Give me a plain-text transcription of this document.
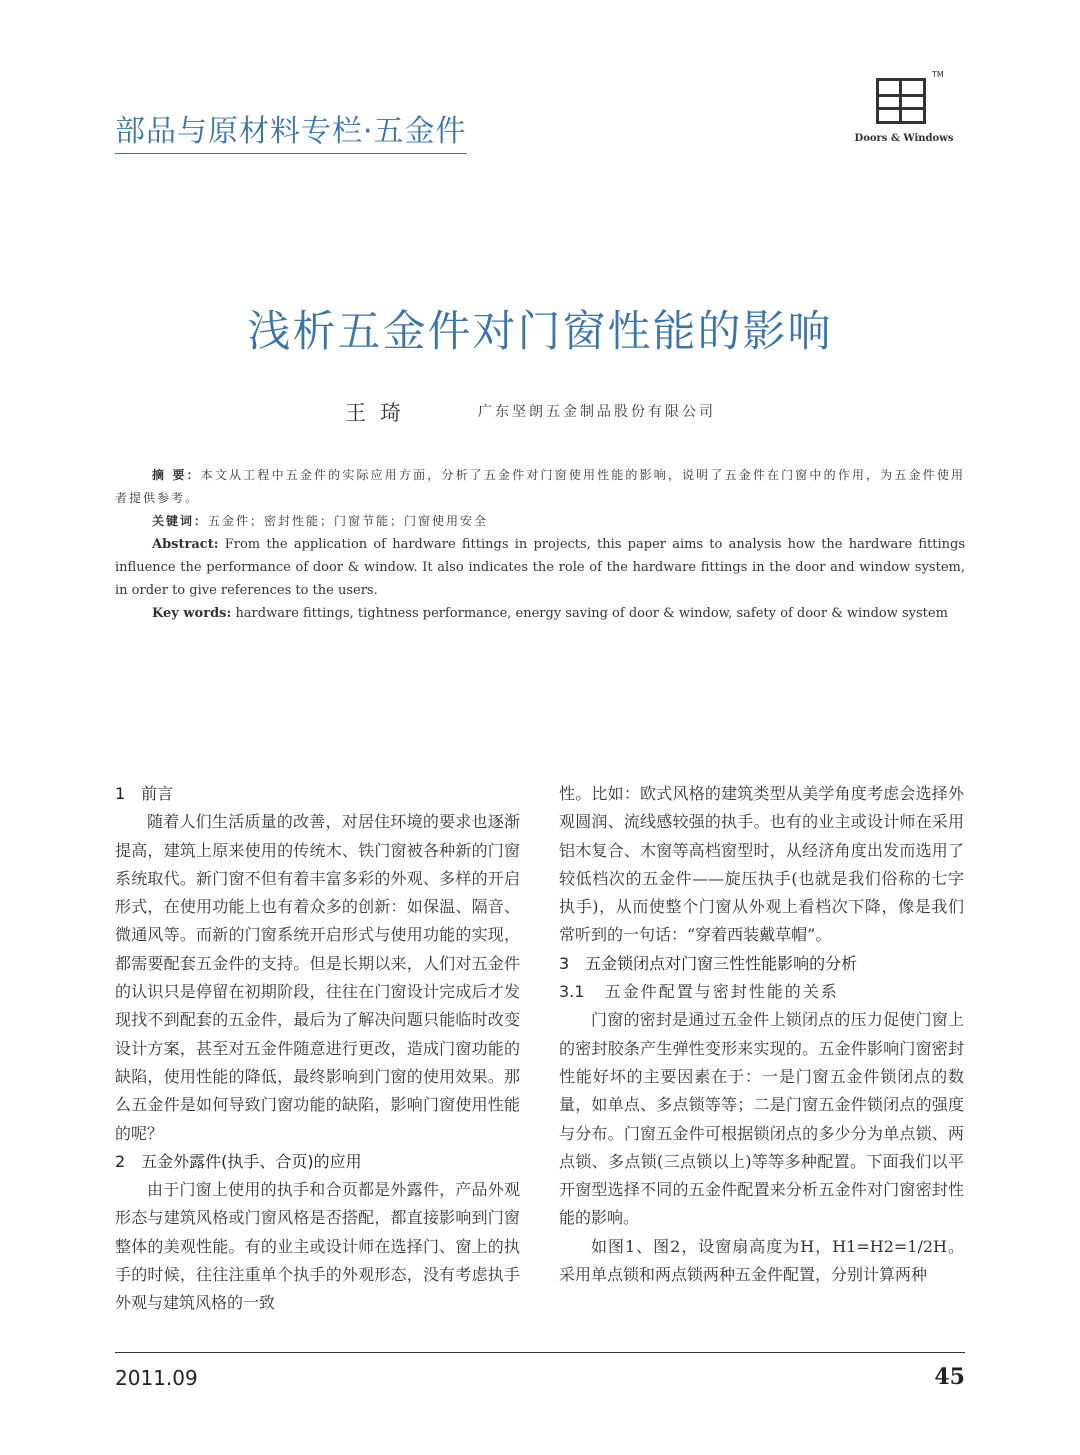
部品与原材料专栏·五金件
TM
Doors & Windows
浅析五金件对门窗性能的影响
王琦	广东坚朗五金制品股份有限公司

摘 要：本文从工程中五金件的实际应用方面，分析了五金件对门窗使用性能的影响，说明了五金件在门窗中的作用，为五金件使用者提供参考。

关键词：五金件；密封性能；门窗节能；门窗使用安全

Abstract: From the application of hardware fittings in projects, this paper aims to analysis how the hardware fittings influence the performance of door & window. It also indicates the role of the hardware fittings in the door and window system, in order to give references to the users.

Key words: hardware fittings, tightness performance, energy saving of door & window, safety of door & window system

1　前言

随着人们生活质量的改善，对居住环境的要求也逐渐提高，建筑上原来使用的传统木、铁门窗被各种新的门窗系统取代。新门窗不但有着丰富多彩的外观、多样的开启形式，在使用功能上也有着众多的创新：如保温、隔音、微通风等。而新的门窗系统开启形式与使用功能的实现，都需要配套五金件的支持。但是长期以来，人们对五金件的认识只是停留在初期阶段，往往在门窗设计完成后才发现找不到配套的五金件，最后为了解决问题只能临时改变设计方案，甚至对五金件随意进行更改，造成门窗功能的缺陷，使用性能的降低，最终影响到门窗的使用效果。那么五金件是如何导致门窗功能的缺陷，影响门窗使用性能的呢？

2　五金外露件(执手、合页)的应用

由于门窗上使用的执手和合页都是外露件，产品外观形态与建筑风格或门窗风格是否搭配，都直接影响到门窗整体的美观性能。有的业主或设计师在选择门、窗上的执手的时候，往往注重单个执手的外观形态，没有考虑执手外观与建筑风格的一致

性。比如：欧式风格的建筑类型从美学角度考虑会选择外观圆润、流线感较强的执手。也有的业主或设计师在采用铝木复合、木窗等高档窗型时，从经济角度出发而选用了较低档次的五金件——旋压执手(也就是我们俗称的七字执手)，从而使整个门窗从外观上看档次下降，像是我们常听到的一句话：“穿着西装戴草帽”。

3　五金锁闭点对门窗三性性能影响的分析

3.1 五金件配置与密封性能的关系

门窗的密封是通过五金件上锁闭点的压力促使门窗上的密封胶条产生弹性变形来实现的。五金件影响门窗密封性能好坏的主要因素在于：一是门窗五金件锁闭点的数量，如单点、多点锁等等；二是门窗五金件锁闭点的强度与分布。门窗五金件可根据锁闭点的多少分为单点锁、两点锁、多点锁(三点锁以上)等等多种配置。下面我们以平开窗型选择不同的五金件配置来分析五金件对门窗密封性能的影响。

如图1、图2，设窗扇高度为H，H1=H2=1/2H。采用单点锁和两点锁两种五金件配置，分别计算两种

2011.09	45
